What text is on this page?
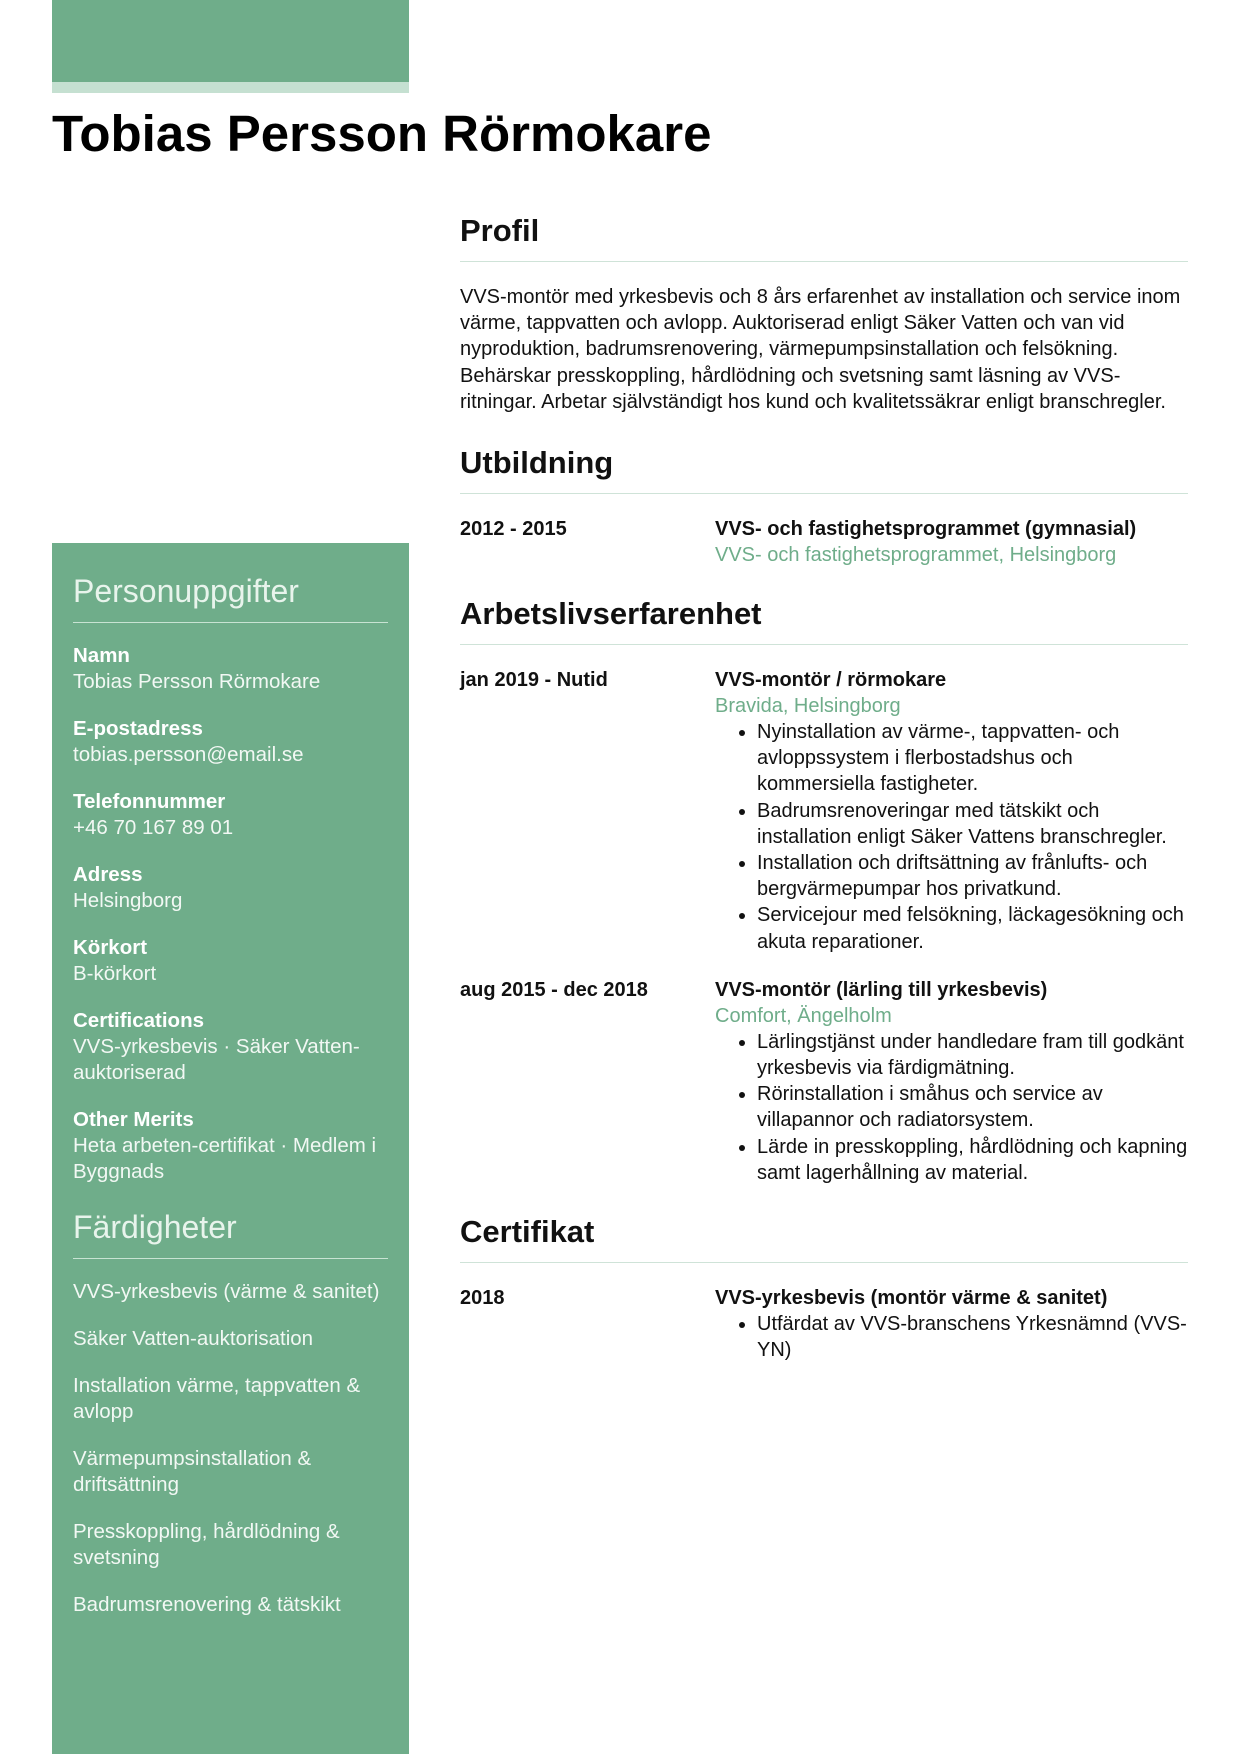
Tobias Persson Rörmokare
Personuppgifter
Namn
Tobias Persson Rörmokare
E-postadress
tobias.persson@email.se
Telefonnummer
+46 70 167 89 01
Adress
Helsingborg
Körkort
B-körkort
Certifications
VVS-yrkesbevis · Säker Vatten-auktoriserad
Other Merits
Heta arbeten-certifikat · Medlem i Byggnads
Färdigheter
VVS-yrkesbevis (värme & sanitet)
Säker Vatten-auktorisation
Installation värme, tappvatten & avlopp
Värmepumpsinstallation & driftsättning
Presskoppling, hårdlödning & svetsning
Badrumsrenovering & tätskikt
Profil

VVS-montör med yrkesbevis och 8 års erfarenhet av installation och service inom värme, tappvatten och avlopp. Auktoriserad enligt Säker Vatten och van vid nyproduktion, badrumsrenovering, värmepumpsinstallation och felsökning. Behärskar presskoppling, hårdlödning och svetsning samt läsning av VVS-ritningar. Arbetar självständigt hos kund och kvalitetssäkrar enligt branschregler.

Utbildning
2012 - 2015	VVS- och fastighetsprogrammet (gymnasial)
VVS- och fastighetsprogrammet, Helsingborg
Arbetslivserfarenhet
jan 2019 - Nutid	VVS-montör / rörmokare
Bravida, Helsingborg
• Nyinstallation av värme-, tappvatten- och avloppssystem i flerbostadshus och kommersiella fastigheter.
• Badrumsrenoveringar med tätskikt och installation enligt Säker Vattens branschregler.
• Installation och driftsättning av frånlufts- och bergvärmepumpar hos privatkund.
• Servicejour med felsökning, läckagesökning och akuta reparationer.
aug 2015 - dec 2018	VVS-montör (lärling till yrkesbevis)
Comfort, Ängelholm
• Lärlingstjänst under handledare fram till godkänt yrkesbevis via färdigmätning.
• Rörinstallation i småhus och service av villapannor och radiatorsystem.
• Lärde in presskoppling, hårdlödning och kapning samt lagerhållning av material.
Certifikat
2018	VVS-yrkesbevis (montör värme & sanitet)
• Utfärdat av VVS-branschens Yrkesnämnd (VVS-YN)
